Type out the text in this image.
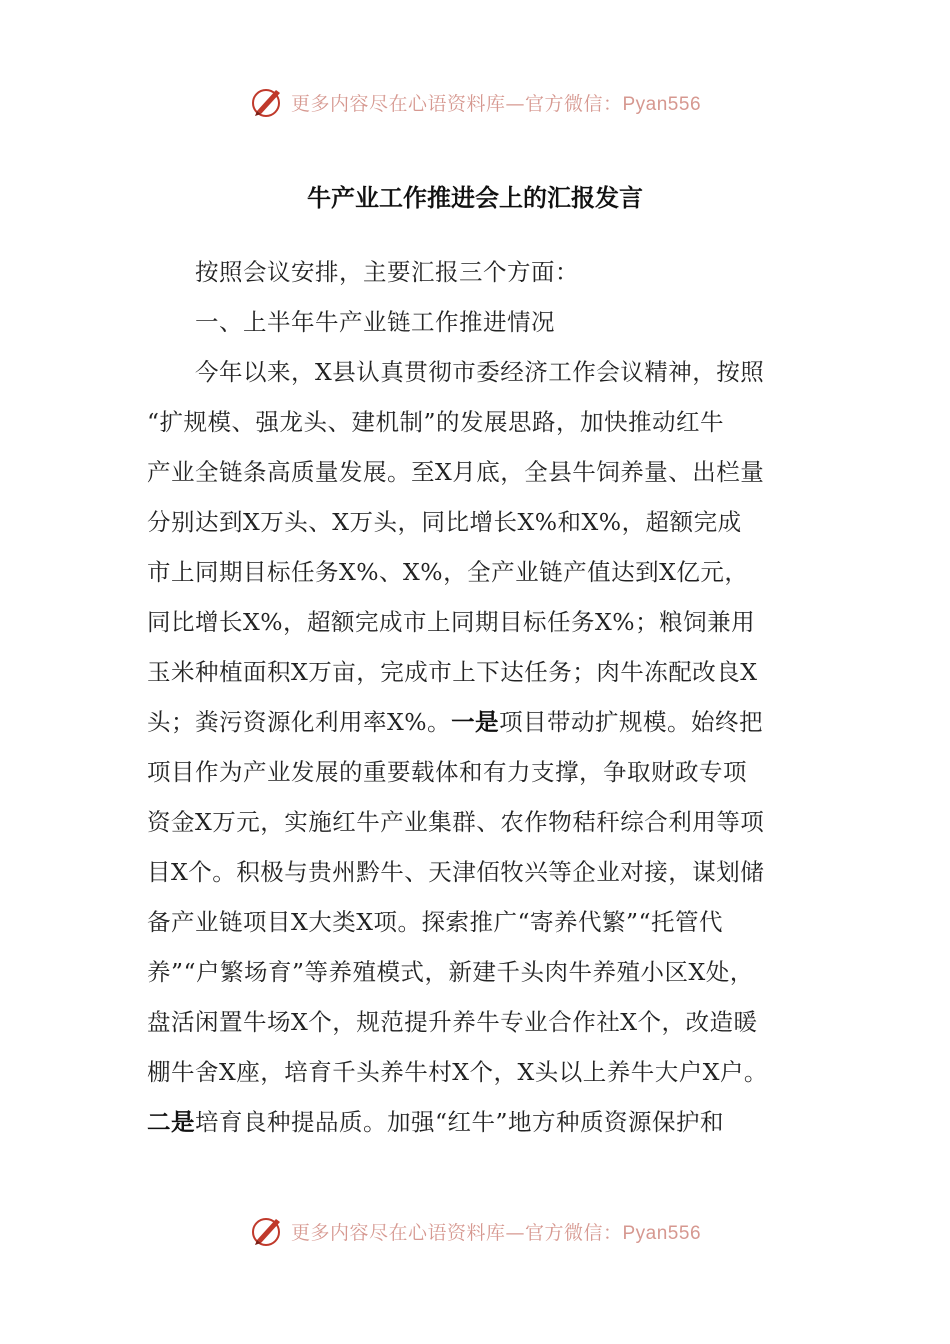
更多内容尽在心语资料库—官方微信：Pyan556
牛产业工作推进会上的汇报发言
按照会议安排，主要汇报三个方面：
一、上半年牛产业链工作推进情况
今年以来，X县认真贯彻市委经济工作会议精神，按照
“扩规模、强龙头、建机制”的发展思路，加快推动红牛
产业全链条高质量发展。至X月底，全县牛饲养量、出栏量
分别达到X万头、X万头，同比增长X%和X%，超额完成
市上同期目标任务X%、X%，全产业链产值达到X亿元，
同比增长X%，超额完成市上同期目标任务X%；粮饲兼用
玉米种植面积X万亩，完成市上下达任务；肉牛冻配改良X
头；粪污资源化利用率X%。一是项目带动扩规模。始终把
项目作为产业发展的重要载体和有力支撑，争取财政专项
资金X万元，实施红牛产业集群、农作物秸秆综合利用等项
目X个。积极与贵州黔牛、天津佰牧兴等企业对接，谋划储
备产业链项目X大类X项。探索推广“寄养代繁”“托管代
养”“户繁场育”等养殖模式，新建千头肉牛养殖小区X处，
盘活闲置牛场X个，规范提升养牛专业合作社X个，改造暖
棚牛舍X座，培育千头养牛村X个，X头以上养牛大户X户。
二是培育良种提品质。加强“红牛”地方种质资源保护和
更多内容尽在心语资料库—官方微信：Pyan556
